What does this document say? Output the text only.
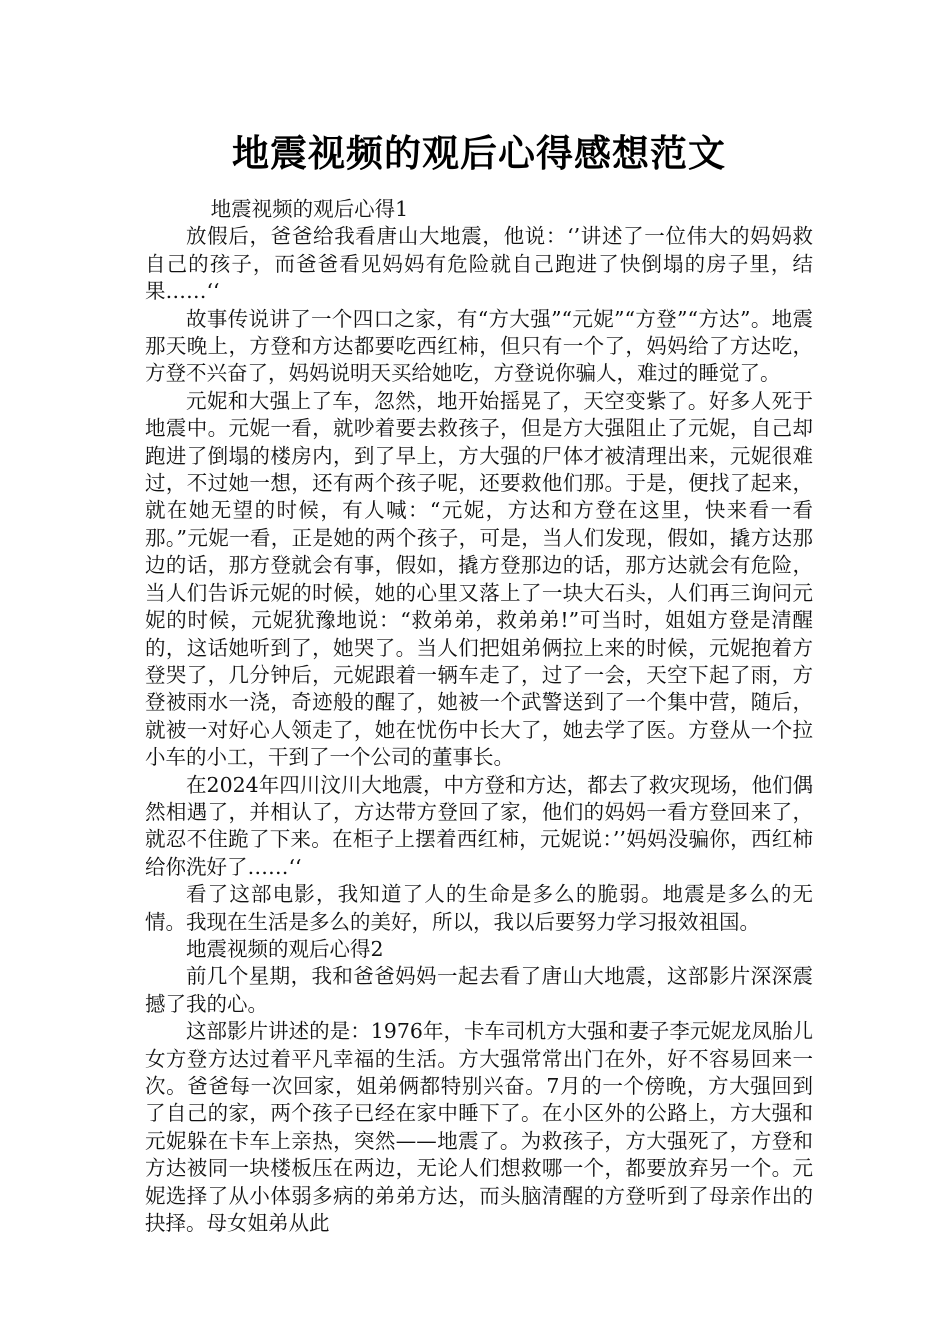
地震视频的观后心得感想范文

地震视频的观后心得1

放假后，爸爸给我看唐山大地震，他说：‘’讲述了一位伟大的妈妈救自己的孩子，而爸爸看见妈妈有危险就自己跑进了快倒塌的房子里，结果……‘‘

故事传说讲了一个四口之家，有“方大强”“元妮”“方登”“方达”。地震那天晚上，方登和方达都要吃西红柿，但只有一个了，妈妈给了方达吃，方登不兴奋了，妈妈说明天买给她吃，方登说你骗人，难过的睡觉了。

元妮和大强上了车，忽然，地开始摇晃了，天空变紫了。好多人死于地震中。元妮一看，就吵着要去救孩子，但是方大强阻止了元妮，自己却跑进了倒塌的楼房内，到了早上，方大强的尸体才被清理出来，元妮很难过，不过她一想，还有两个孩子呢，还要救他们那。于是，便找了起来，就在她无望的时候，有人喊：“元妮，方达和方登在这里，快来看一看那。”元妮一看，正是她的两个孩子，可是，当人们发现，假如，撬方达那边的话，那方登就会有事，假如，撬方登那边的话，那方达就会有危险，当人们告诉元妮的时候，她的心里又落上了一块大石头，人们再三询问元妮的时候，元妮犹豫地说：“救弟弟，救弟弟!”可当时，姐姐方登是清醒的，这话她听到了，她哭了。当人们把姐弟俩拉上来的时候，元妮抱着方登哭了，几分钟后，元妮跟着一辆车走了，过了一会，天空下起了雨，方登被雨水一浇，奇迹般的醒了，她被一个武警送到了一个集中营，随后，就被一对好心人领走了，她在忧伤中长大了，她去学了医。方登从一个拉小车的小工，干到了一个公司的董事长。

在2024年四川汶川大地震，中方登和方达，都去了救灾现场，他们偶然相遇了，并相认了，方达带方登回了家，他们的妈妈一看方登回来了，就忍不住跪了下来。在柜子上摆着西红柿，元妮说：’’妈妈没骗你，西红柿给你洗好了……‘‘

看了这部电影，我知道了人的生命是多么的脆弱。地震是多么的无情。我现在生活是多么的美好，所以，我以后要努力学习报效祖国。

地震视频的观后心得2

前几个星期，我和爸爸妈妈一起去看了唐山大地震，这部影片深深震撼了我的心。

这部影片讲述的是：1976年，卡车司机方大强和妻子李元妮龙凤胎儿女方登方达过着平凡幸福的生活。方大强常常出门在外，好不容易回来一次。爸爸每一次回家，姐弟俩都特别兴奋。7月的一个傍晚，方大强回到了自己的家，两个孩子已经在家中睡下了。在小区外的公路上，方大强和元妮躲在卡车上亲热，突然——地震了。为救孩子，方大强死了，方登和方达被同一块楼板压在两边，无论人们想救哪一个，都要放弃另一个。元妮选择了从小体弱多病的弟弟方达，而头脑清醒的方登听到了母亲作出的抉择。母女姐弟从此
